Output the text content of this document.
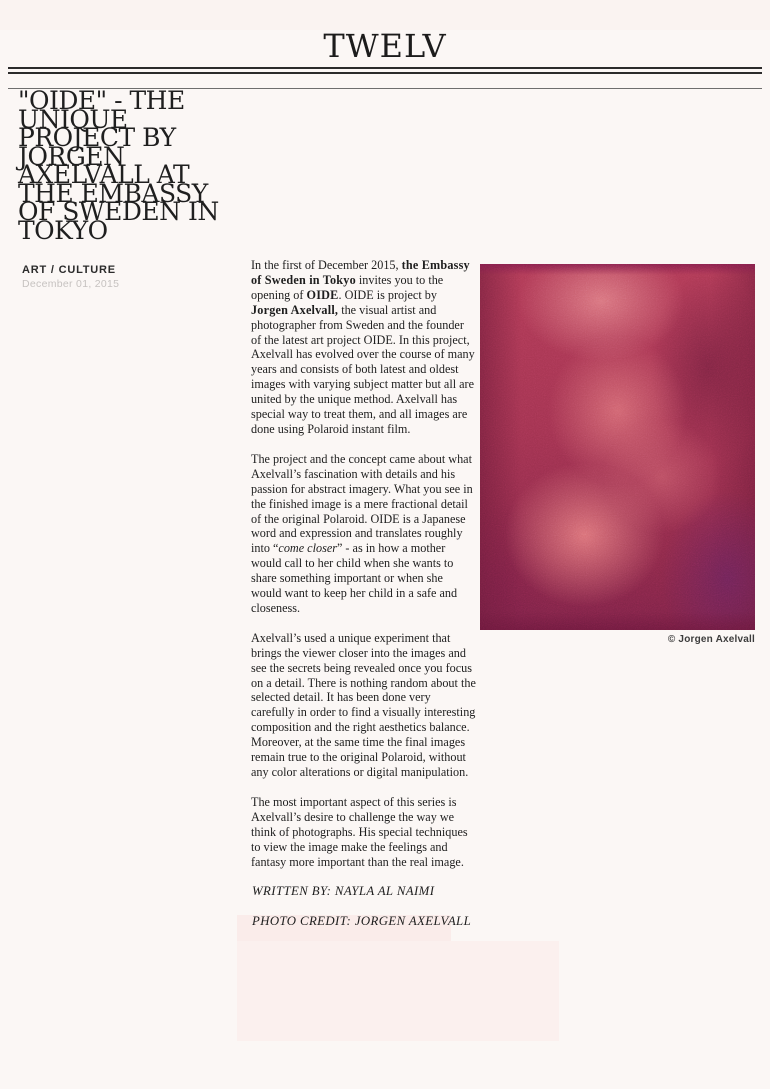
TWELV
"OIDE" - THE
UNIQUE
PROJECT BY
JORGEN
AXELVALL AT
THE EMBASSY
OF SWEDEN IN
TOKYO
ART / CULTURE
December 01, 2015

In the first of December 2015, the Embassy of Sweden in Tokyo invites you to the opening of OIDE. OIDE is project by Jorgen Axelvall, the visual artist and photographer from Sweden and the founder of the latest art project OIDE. In this project, Axelvall has evolved over the course of many years and consists of both latest and oldest images with varying subject matter but all are united by the unique method. Axelvall has special way to treat them, and all images are done using Polaroid instant film.

The project and the concept came about what Axelvall’s fascination with details and his passion for abstract imagery. What you see in the finished image is a mere fractional detail of the original Polaroid. OIDE is a Japanese word and expression and translates roughly into “come closer” - as in how a mother would call to her child when she wants to share something important or when she would want to keep her child in a safe and closeness.

Axelvall’s used a unique experiment that brings the viewer closer into the images and see the secrets being revealed once you focus on a detail. There is nothing random about the selected detail. It has been done very carefully in order to find a visually interesting composition and the right aesthetics balance. Moreover, at the same time the final images remain true to the original Polaroid, without any color alterations or digital manipulation.

The most important aspect of this series is Axelvall’s desire to challenge the way we think of photographs. His special techniques to view the image make the feelings and fantasy more important than the real image.

© Jorgen Axelvall

WRITTEN BY: NAYLA AL NAIMI

PHOTO CREDIT: JORGEN AXELVALL
